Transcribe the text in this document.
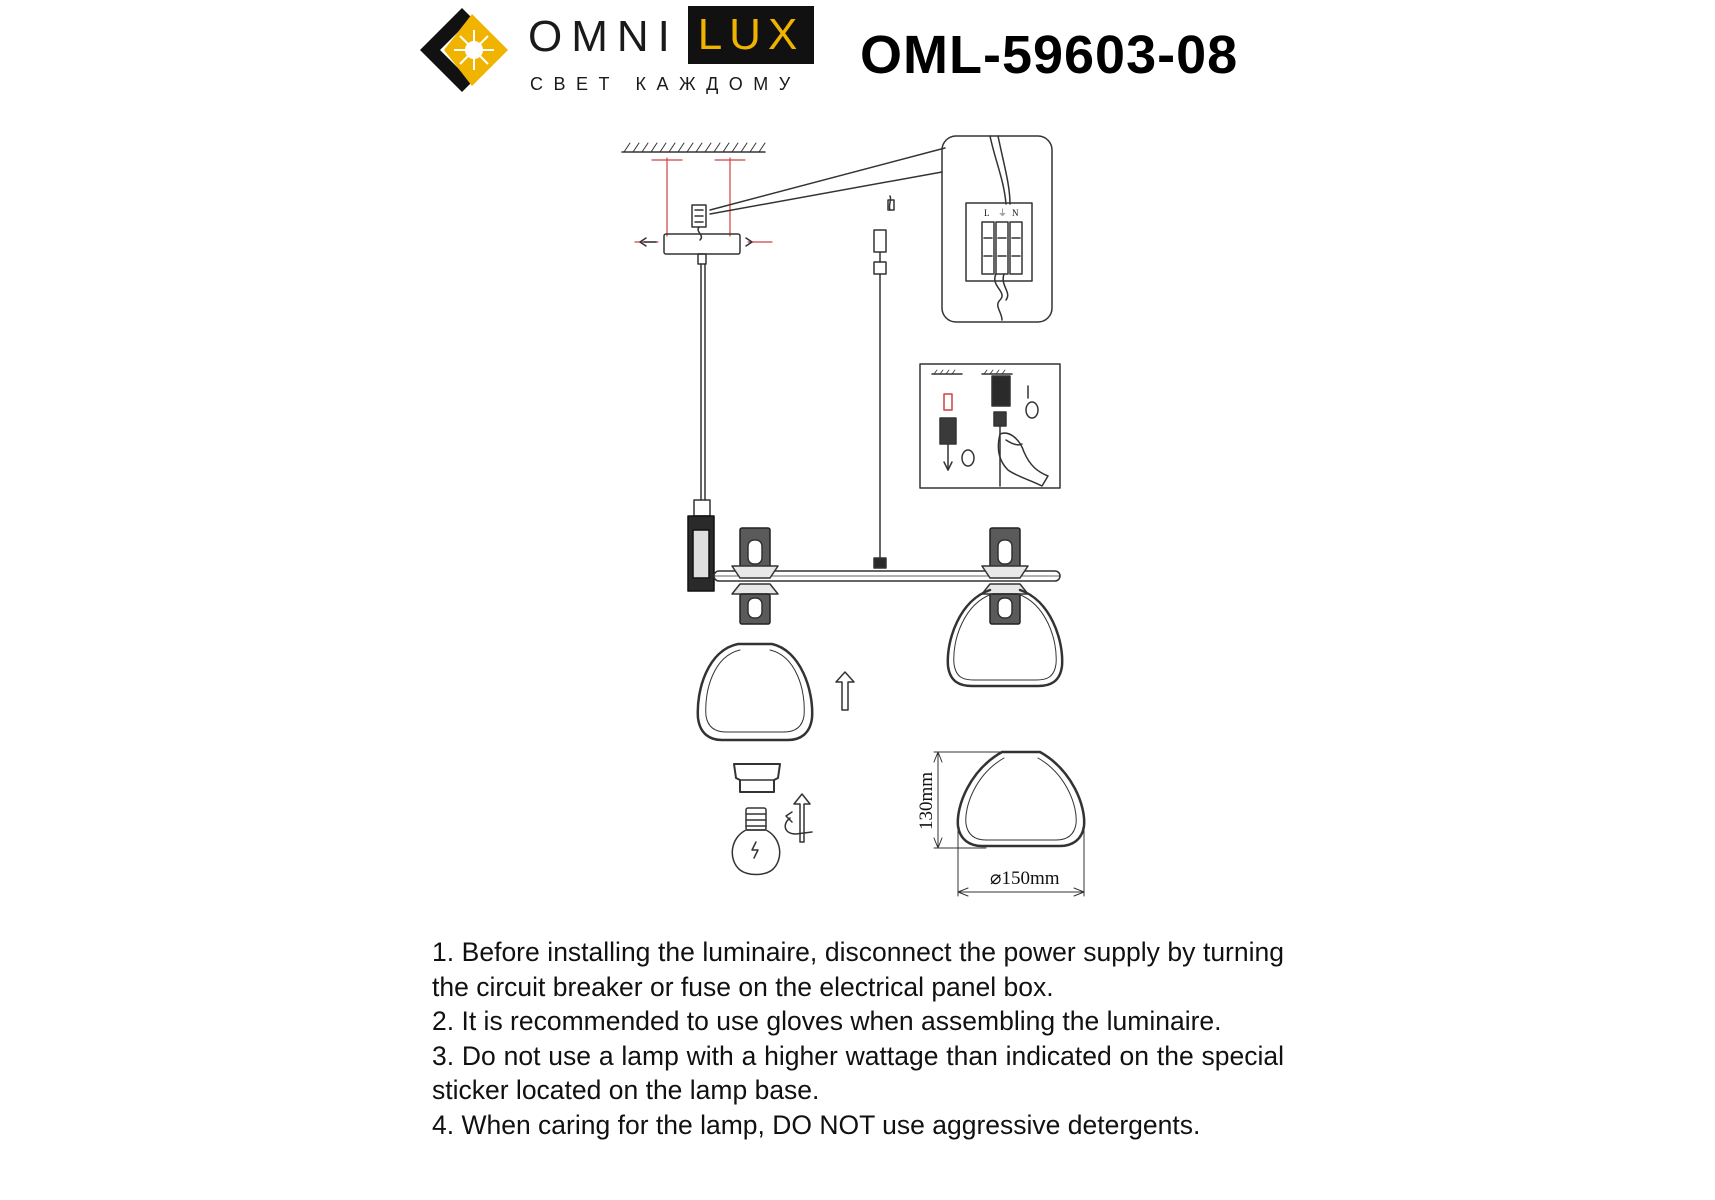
OMNI LUX
СВЕТ КАЖДОМУ OML-59603-08
L ⏚ N
130mm
⌀150mm

1. Before installing the luminaire, disconnect the power supply by turning the circuit breaker or fuse on the electrical panel box.

2. It is recommended to use gloves when assembling the luminaire.

3. Do not use a lamp with a higher wattage than indicated on the special sticker located on the lamp base.

4. When caring for the lamp, DO NOT use aggressive detergents.
